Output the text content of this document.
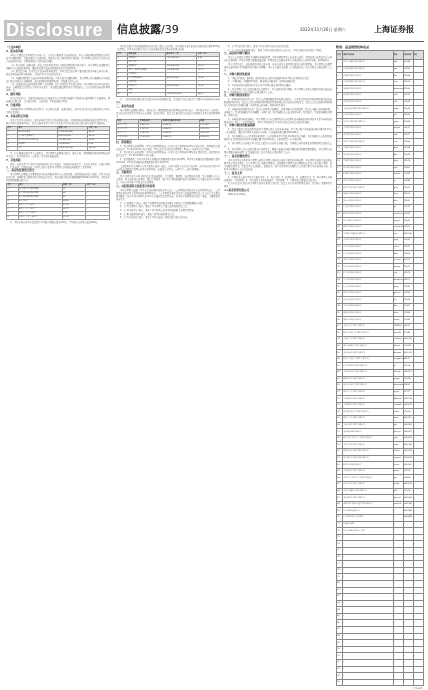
Disclosure 信息披露/39	2022年11月26日 星期六	上海证券报
（上接38版）
3、流动性风险
本基金主要投资于短期货币市场工具，在正常市场情况下流动性较好，但在市场出现极端情况或者基金发生巨额赎回时，可能出现资产变现困难，导致基金资产净值受到不利影响。基金管理人将持续关注组合资产的流动性状况，合理控制组合久期与剩余期限。
（1）基金申购、赎回安排：投资人具体请参见基金合同和招募说明书相关章节，基金管理人将遵循基金份额持有人利益优先原则，确保投资组合的流动性能够满足日常赎回需求。
（2）拟投资市场、行业及资产的流动性风险评估：本基金投资的市场主要为银行间市场和交易所市场，投资品种的流动性总体较好，可满足基金日常运作的需求。
（3）巨额赎回情形下的流动性风险管理措施：当基金发生巨额赎回时，基金管理人可以根据基金当时的资产组合状况决定全额赎回、部分延期赎回或暂停赎回，并按规定进行公告。
（4）实施备用的流动性风险管理工具的情形、程序及对投资者的潜在影响：基金管理人经与基金托管人协商，在确保投资者得到公平对待的前提下，可依照法律法规及基金合同的约定，综合运用各类流动性风险管理工具。
4、操作风险
基金运作过程中，可能因内部控制存在缺陷或者人为因素造成操作失误或违反操作规程等引致风险，例如越权违规交易、会计部门欺诈、交易错误、IT系统故障等风险。
5、合规风险
合规风险指基金管理或运作过程中，违反国家法律、法规的规定，或者基金投资违反法规及基金合同有关规定的风险。
6、本基金特定风险
本基金为货币市场基金，属于证券投资基金中的低风险品种，其预期风险和预期收益低于股票型基金、混合型基金和债券型基金。投资人购买本基金并不等于将资金作为存款存放在银行或者存款类金融机构。
序号	项目	金额（元）	占比（%）
1	固定收益投资	1,254,300,000	48.21
2	买入返售金融资产	632,000,000	24.29
3	银行存款和结算备付金	701,450,000	26.96
4	其他资产	13,980,000	0.54
5	合计	2,601,730,000	100.00
注：以上数据来源于基金定期报告，基金管理人依照恪尽职守、诚实信用、谨慎勤勉的原则管理和运用基金资产，但不保证基金一定盈利，也不保证最低收益。
7、其他风险
战争、自然灾害等不可抗力可能导致基金资产的损失，影响基金收益水平，从而带来风险。金融市场危机、行业竞争、代理商违约、托管人违约等超出基金管理人自身直接控制能力之外的风险。
二、基金的投资组合报告
基金管理人的董事会及董事保证本报告所载资料不存在虚假记载、误导性陈述或重大遗漏，并对其内容的真实性、准确性和完整性承担个别及连带责任。本投资组合报告所载数据截至2022年9月30日，本报告中所列财务数据未经审计。
序号	项目	金额（元）	占比（%）
1	报告期内平均剩余期限	76	-
2	报告期内最高剩余期限	98	-
3	报告期内最低剩余期限	53	-
4	30天以内	38.45	-
5	30天（含）-60天	21.60	-
6	60天（含）-90天	18.72	-
7	90天（含）-120天	9.33	-
8	120天（含）-397天	11.90	-
注：本报告期内本基金投资组合平均剩余期限未超过120天，平均剩余存续期未超过240天。
基金投资组合中的债券按照实际利率法计算其公允价值，报告期内未发生偏离度的绝对值达到0.25%以上的情况，本基金投资组合中资产支持证券的投资比例未超过规定标准。
序号	债券品种	摊余成本（元）	占比（%）
1	国家债券	120,500,000	4.63
2	央行票据	-	-
3	金融债券	315,600,000	12.13
4	其中：政策性金融债	315,600,000	12.13
5	企业债券	-	-
6	企业短期融资券	408,200,000	15.69
7	中期票据	-	-
8	同业存单	410,000,000	15.76
9	其他	-	-
10	合计	1,254,300,000	48.21
注：上表中债券的摊余成本以报告期末日的数据计算，投资组合中的其他资产主要为应收利息和应收申购款。
三、基金的业绩
基金管理人依照恪尽职守、诚实信用、谨慎勤勉的原则管理和运用基金资产，但不保证基金一定盈利。基金的过往业绩并不代表其未来表现。投资有风险，投资者在做出投资决策前应仔细阅读本基金的招募说明书。
阶段	净值收益率	业绩比较基准收益率	差额
过去三个月	0.4521%	0.3403%	0.1118%
过去六个月	0.9376%	0.6805%	0.2571%
过去一年	1.9512%	1.3500%	0.6012%
自成立以来	12.8765%	9.4412%	3.4353%
四、费用概况
1、基金管理人的管理费：本基金的管理费按前一日基金资产净值的0.27%年费率计提。管理费的计算方法如下：H＝E×0.27%÷当年天数，H为每日应计提的基金管理费，E为前一日的基金资产净值。
2、基金托管人的托管费：本基金的托管费按前一日基金资产净值的0.08%的年费率计提。托管费的计算方法如下：H＝E×0.08%÷当年天数。
3、销售服务费：本基金A类基金份额的销售服务费年费率为0.25%，B类基金份额的销售服务费年费率为0.01%，E类基金份额的销售服务费年费率为0.01%。
上述费用由基金管理人与基金托管人核对一致后，由基金托管人于次月首日起3个工作日内从基金财产中一次性支付给基金管理人和基金销售机构。若遇法定节假日、公休日等，支付日期顺延。
五、其他费用
基金合同生效后与基金相关的信息披露费用、会计师费、律师费、诉讼费和仲裁费、基金份额持有人大会费用、基金的证券交易费用、银行汇划费用、账户开户费用和维护费用等按照国家有关规定和基金合同约定，可以在基金财产中列支的其他费用。
六、对招募说明书更新部分的说明
本基金管理人依据《中华人民共和国证券投资基金法》、《公开募集证券投资基金运作管理办法》、《公开募集证券投资基金销售机构监督管理办法》、《公开募集证券投资基金信息披露管理办法》及其它有关法律法规的要求，结合本基金管理人对本基金实施的投资经营活动，对本基金招募说明书进行了更新，主要更新的内容如下：
1、在"重要提示"部分，更新了招募说明书所载内容截止日期及有关财务数据截止日期。
2、在"基金管理人"部分，更新了基金管理人主要人员情况的相关信息。
3、在"基金托管人"部分，更新了基金托管人的基本情况和相关业务经营情况。
4、在"相关服务机构"部分，更新了销售机构的相关信息。
5、在"基金的投资"部分，更新了本基金最近一期投资组合报告的内容。
6、在"基金的业绩"部分，更新了基金合同生效以来的投资业绩。
7、在"其他应披露事项"部分，更新了本报告期内的相关公告信息，并对其他部分内容进行了更新。
七、基金的申购与赎回
投资人在开放日办理基金份额的申购和赎回，具体办理时间为上海证券交易所、深圳证券交易所的正常交易日的交易时间，但基金管理人根据法律法规、中国证监会的要求或基金合同的规定公告暂停申购、赎回时除外。
基金合同生效后，若出现新的证券交易市场、证券交易所交易时间变更或其他特殊情况，基金管理人将视情况对前述开放日及开放时间进行相应的调整，但应在实施日前依照《信息披露办法》的有关规定在规定媒介上公告。
八、申购与赎回的原则
1、"确定价"原则，即申购、赎回价格以每份基金份额净值为1.00元的基准进行计算；
2、"金额申购、份额赎回"原则，即申购以金额申请，赎回以份额申请；
3、当日的申购与赎回申请可以在基金管理人规定的时间以内撤销；
4、基金管理人可在法律法规允许的情况下，对上述原则进行调整。基金管理人必须在新规则开始实施前依照《信息披露办法》的有关规定在规定媒介上公告。
九、申购与赎回的程序
1、申购和赎回的申请方式：投资人必须根据销售机构规定的程序，在开放日的具体业务办理时间内提出申购或赎回的申请。投资人在提交申购申请时须按销售机构规定的方式备足申购资金，投资人在提交赎回申请时须持有足够的基金份额余额，否则所提交的申购、赎回申请不成立。
2、申购和赎回的款项支付：投资人申购基金份额时，必须全额交付申购款项，投资人全额交付申购款项，申购成立；登记机构确认基金份额时，申购生效。基金份额持有人递交赎回申请，赎回成立；登记机构确认赎回时，赎回生效。
3、申购和赎回申请的确认：基金管理人应以交易时间结束前受理有效申购和赎回申请的当天作为申购或赎回申请日（T日），在正常情况下，本基金登记机构在T+1日内对该交易的有效性进行确认。
十、申购与赎回的数量限制
1、投资人通过其他销售机构和基金管理人网上交易系统申购，单个基金账户单笔最低申购金额为0.01元（含申购费）；通过基金管理人直销中心申购，首次最低申购金额为50,000元。
2、基金份额持有人在销售机构赎回时，每次赎回申请不得低于0.01份基金份额。基金份额持有人赎回时或赎回后在销售机构保留的基金份额余额不足0.01份的，在赎回时需一次全部赎回。
3、基金管理人可以规定单个投资人累计持有的基金份额上限，具体规定请参见更新的招募说明书或相关公告。
4、基金管理人可在法律法规允许的情况下，调整上述规定申购金额和赎回份额的数量限制。基金管理人必须在调整实施前依照《信息披露办法》的有关规定在规定媒介上公告。
十一、基金份额的登记
本基金的登记业务由基金管理人或基金管理人委托的其他符合条件的机构办理。基金管理人委托其他机构办理本基金登记业务的，应与代理人签订委托代理协议，以明确基金管理人和代理机构在投资人基金账户管理、基金份额注册登记、清算及基金交易确认、发放红利、建立并保管基金份额持有人名册等事宜中的权利和义务，保护基金份额持有人的合法权益。
十二、备查文件
1、中国证监会准予本基金注册的文件；2、基金合同；3、托管协议；4、法律意见书；5、基金管理人业务资格批件、营业执照；6、基金托管人业务资格批件、营业执照；7、中国证监会要求的其他文件。
以上备查文件存放在基金管理人和基金托管人的住所，投资人可在营业时间免费查阅，也可按工本费购买复印件。
××基金管理有限公司
2022年11月26日
附表：基金销售机构名录
序号	销售机构名称	网址	客服电话	备注
1	中国工商银行股份有限公司	icbc	95588	-
2	中国农业银行股份有限公司	abc	95599	-
3	中国银行股份有限公司	boc	95566	-
4	中国建设银行股份有限公司	ccb	95533	-
5	交通银行股份有限公司	bankcomm	95559	-
6	招商银行股份有限公司	cmb	95555	-
7	中信银行股份有限公司	citic	95558	-
8	上海浦东发展银行股份有限公司	spdb	95528	-
9	兴业银行股份有限公司	cib	95561	-
10	中国民生银行股份有限公司	cmbc	95568	-
11	平安银行股份有限公司	pingan	95511	-
12	华夏银行股份有限公司	hxb	95577	-
13	中国光大银行股份有限公司	ceb	95595	-
14	上海银行股份有限公司	bosc	95594	-
15	北京银行股份有限公司	bob	95526	-
16	宁波银行股份有限公司	nbcb	95574	-
17	南京银行股份有限公司	njcb	95302	-
18	杭州银行股份有限公司	hzbank	95398	-
19	中信证券股份有限公司	cs	95548	-
20	国泰君安证券股份有限公司	gtja	95521	-
21	海通证券股份有限公司	htsec	95553	-
22	华泰证券股份有限公司	htsc	95597	-
23	广发证券股份有限公司	gf	95575	-
24	招商证券股份有限公司	cmschina	95565	-
25	申万宏源证券有限公司	swhysc	95523	-
26	银河证券股份有限公司	chinastock	95551	-
27	中国国际金融股份有限公司	cicc	400-910	-
28	兴业证券股份有限公司	xyzq	95562	-
29	光大证券股份有限公司	ebscn	95525	-
30	东方证券股份有限公司	dfzq	95503	-
31	安信证券股份有限公司	essence	95517	-
32	平安证券股份有限公司	pingan	95511	-
33	长江证券股份有限公司	cjsc	95579	-
34	方正证券股份有限公司	foundersc	95571	-
35	东吴证券股份有限公司	dwzq	95330	-
36	国信证券股份有限公司	guosen	95536	-
37	中泰证券股份有限公司	zts	95538	-
38	天风证券股份有限公司	tfzq	95391	-
39	财通证券股份有限公司	ctsec	95336	-
40	浙商证券股份有限公司	stocke	95345	-
41	上海天天基金销售有限公司	1234567	95021	-
42	蚂蚁（杭州）基金销售有限公司	fund123	95188	-
43	上海好买基金销售有限公司	ehowbuy	400-700	-
44	浙江同花顺基金销售有限公司	5ifund	952555	-
45	北京雪球基金销售有限公司	danjuan	400-159	-
46	腾安基金销售（深圳）有限公司	tenganxinxi	95017	-
47	京东肯特瑞基金销售有限公司	jd	95118	-
48	上海陆金所基金销售有限公司	lufunds	400-821	-
49	珠海盈米基金销售有限公司	yingmi	020-89	-
50	北京度小满基金销售有限公司	duxiaoman	95055	-
51	南京苏宁基金销售有限公司	snjijin	95177	-
52	上海联泰基金销售有限公司	66liantai	400-118	-
53	上海利得基金销售有限公司	leadfund	400-032	-
54	北京新浪仓石基金销售有限公司	xincai	010-62	-
55	诺亚正行基金销售有限公司	noah	400-821	-
56	上海基煜基金销售有限公司	jiyu	400-820	-
57	嘉实财富管理有限公司	harvest	400-021	-
58	宜信普泽（北京）基金销售有限公司	yixin	400-609	-
59	上海万得基金销售有限公司	wind	400-799	-
60	深圳众禄基金销售股份有限公司	zlfund	400-678	-
61	北京展恒基金销售股份有限公司	myfund	400-818	-
62	和讯信息科技有限公司	hexun	400-920	-
63	上海挖财基金销售有限公司	wacai	021-50	-
64	中证金牛（北京）基金销售有限公司	jnlc	4006-8	-
65	北京汇成基金销售有限公司	hcjijin	400-619	-
66	上海大智慧基金销售有限公司	dzh	021-20	-
67	泰信财富基金销售有限公司	taixincf	400-004	-
68	深圳市新兰德证券投资咨询有限公司	xinlande	400-166	-
69	基金管理人直销中心	-	400-888	-
70	基金管理人网上交易系统	-	400-888	-
71	其他销售机构	-	-	-
72	以基金管理人网站公示为准	-	-	-
73	-	-	-	-
74	-	-	-	-
75	-	-	-	-
76	-	-	-	-
77	-	-	-	-
78	-	-	-	-
79	-	-	-	-
80	-	-	-	-
81	-	-	-	-
82	-	-	-	-
83	-	-	-	-
84	-	-	-	-
85	-	-	-	-
86	-	-	-	-
87	-	-	-	-
88	-	-	-	-
89	-	-	-	-
90	-	-	-	-
91	-	-	-	-
92	-	-	-	-
93	-	-	-	-
94	-	-	-	-
95	-	-	-	-
（下转40版）
